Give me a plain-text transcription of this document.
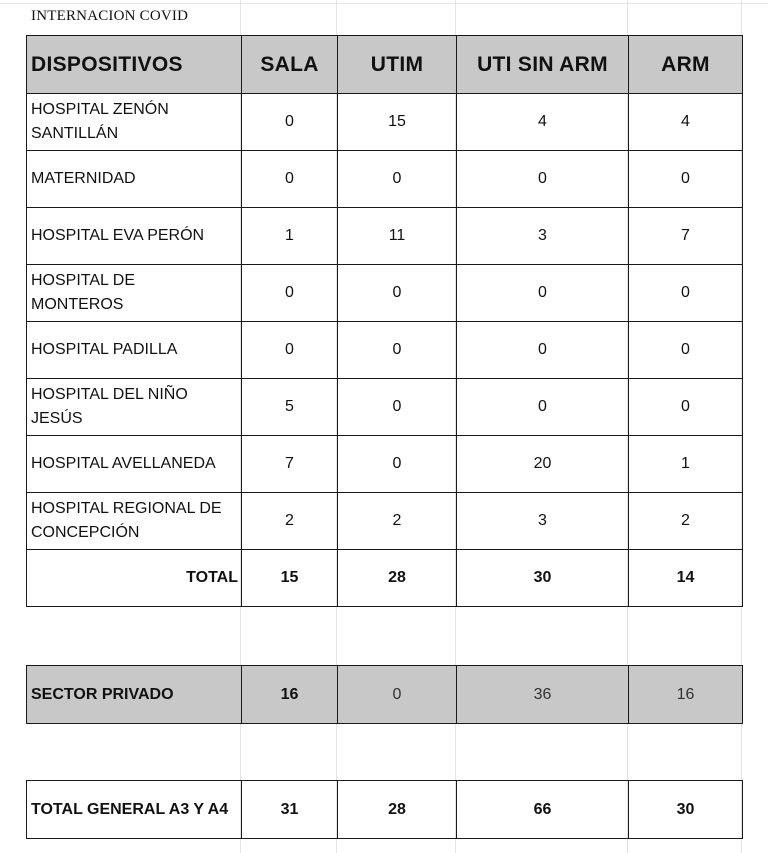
INTERNACION COVID
DISPOSITIVOS	SALA	UTIM	UTI SIN ARM	ARM

HOSPITAL ZENÓN SANTILLÁN	0	15	4	4

MATERNIDAD	0	0	0	0

HOSPITAL EVA PERÓN	1	11	3	7

HOSPITAL DE MONTEROS	0	0	0	0

HOSPITAL PADILLA	0	0	0	0

HOSPITAL DEL NIÑO JESÚS	5	0	0	0

HOSPITAL AVELLANEDA	7	0	20	1

HOSPITAL REGIONAL DE CONCEPCIÓN	2	2	3	2
TOTAL	15	28	30	14
SECTOR PRIVADO	16	0	36	16
TOTAL GENERAL A3 Y A4	31	28	66	30
